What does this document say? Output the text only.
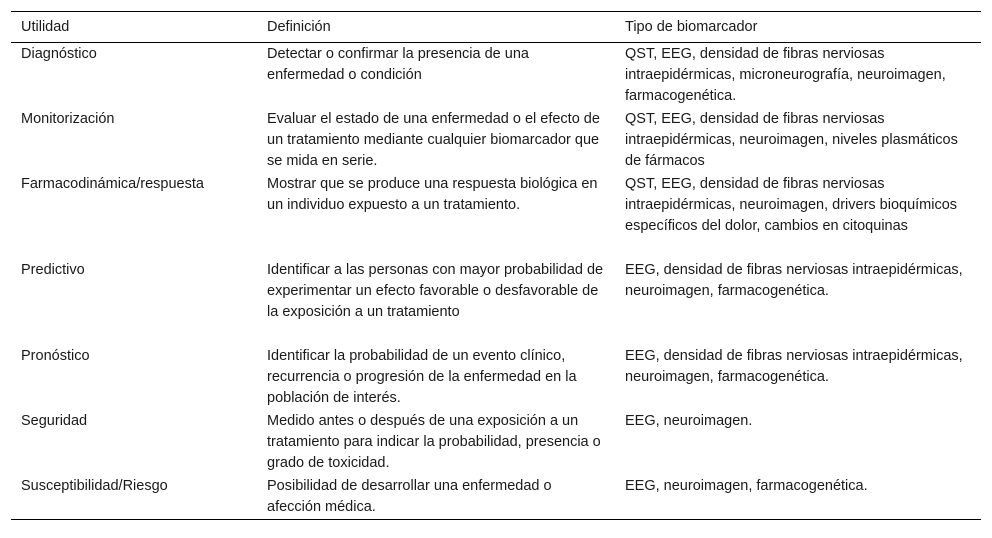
Utilidad	Definición	Tipo de biomarcador
Diagnóstico	Detectar o confirmar la presencia de una enfermedad o condición	QST, EEG, densidad de fibras nerviosas intraepidérmicas, microneurografía, neuroimagen, farmacogenética.
Monitorización	Evaluar el estado de una enfermedad o el efecto de un tratamiento mediante cualquier biomarcador que se mida en serie.	QST, EEG, densidad de fibras nerviosas intraepidérmicas, neuroimagen, niveles plasmáticos de fármacos
Farmacodinámica/respuesta	Mostrar que se produce una respuesta biológica en un individuo expuesto a un tratamiento.	QST, EEG, densidad de fibras nerviosas intraepidérmicas, neuroimagen, drivers bioquímicos específicos del dolor, cambios en citoquinas
Predictivo	Identificar a las personas con mayor probabilidad de experimentar un efecto favorable o desfavorable de la exposición a un tratamiento	EEG, densidad de fibras nerviosas intraepidérmicas, neuroimagen, farmacogenética.
Pronóstico	Identificar la probabilidad de un evento clínico, recurrencia o progresión de la enfermedad en la población de interés.	EEG, densidad de fibras nerviosas intraepidérmicas, neuroimagen, farmacogenética.
Seguridad	Medido antes o después de una exposición a un tratamiento para indicar la probabilidad, presencia o grado de toxicidad.	EEG, neuroimagen.
Susceptibilidad/Riesgo	Posibilidad de desarrollar una enfermedad o afección médica.	EEG, neuroimagen, farmacogenética.
